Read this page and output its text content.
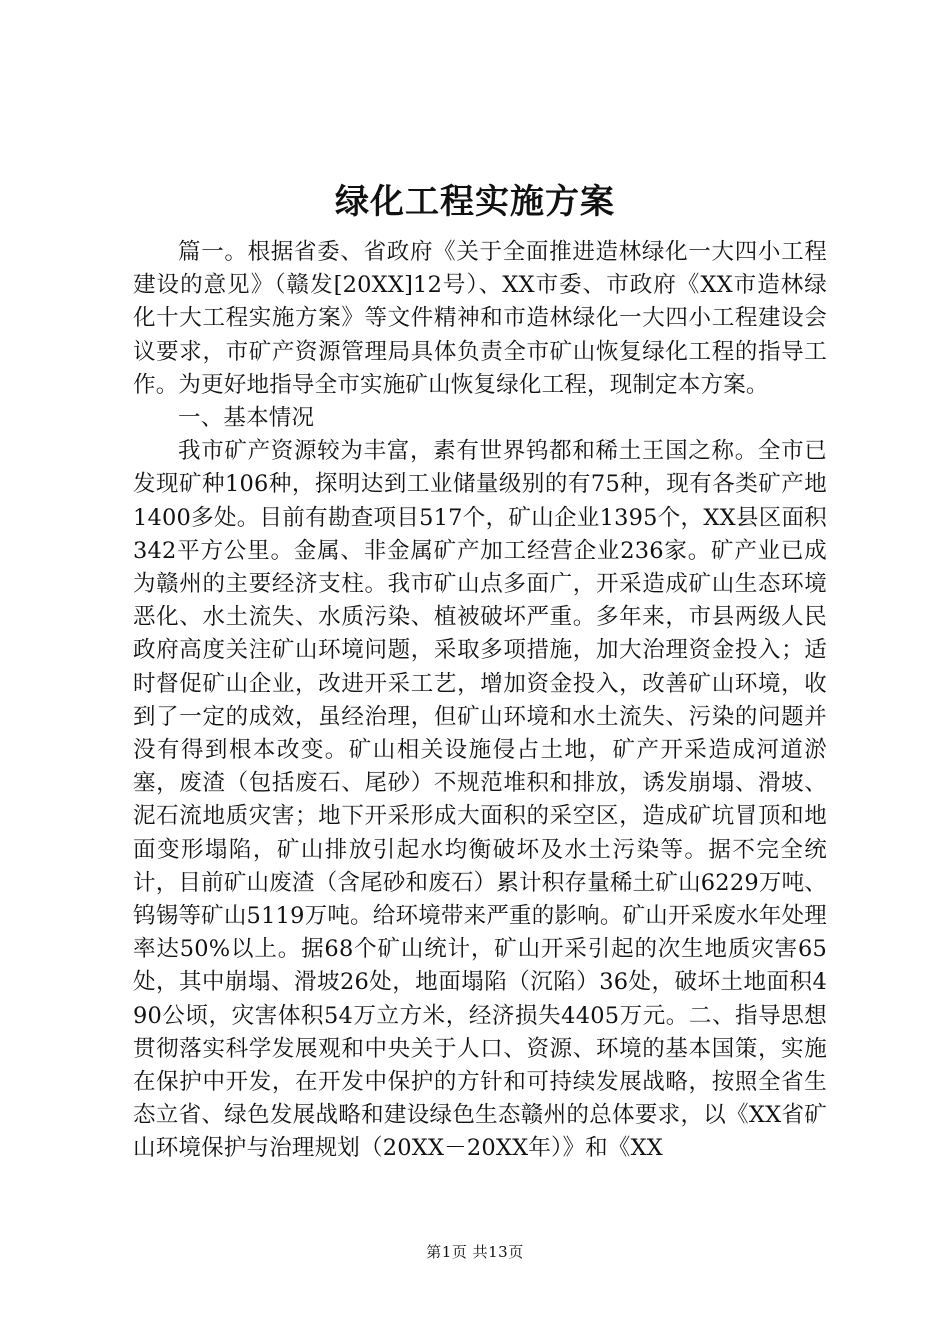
绿化工程实施方案

篇一。根据省委、省政府《关于全面推进造林绿化一大四小工程建设的意见》（赣发[20XX]12号）、XX市委、市政府《XX市造林绿化十大工程实施方案》等文件精神和市造林绿化一大四小工程建设会议要求，市矿产资源管理局具体负责全市矿山恢复绿化工程的指导工作。为更好地指导全市实施矿山恢复绿化工程，现制定本方案。

一、基本情况

我市矿产资源较为丰富，素有世界钨都和稀土王国之称。全市已发现矿种106种，探明达到工业储量级别的有75种，现有各类矿产地1400多处。目前有勘查项目517个，矿山企业1395个，XX县区面积342平方公里。金属、非金属矿产加工经营企业236家。矿产业已成为赣州的主要经济支柱。我市矿山点多面广，开采造成矿山生态环境恶化、水土流失、水质污染、植被破坏严重。多年来，市县两级人民政府高度关注矿山环境问题，采取多项措施，加大治理资金投入；适时督促矿山企业，改进开采工艺，增加资金投入，改善矿山环境，收到了一定的成效，虽经治理，但矿山环境和水土流失、污染的问题并没有得到根本改变。矿山相关设施侵占土地，矿产开采造成河道淤塞，废渣（包括废石、尾砂）不规范堆积和排放，诱发崩塌、滑坡、泥石流地质灾害；地下开采形成大面积的采空区，造成矿坑冒顶和地面变形塌陷，矿山排放引起水均衡破坏及水土污染等。据不完全统计，目前矿山废渣（含尾砂和废石）累计积存量稀土矿山6229万吨、钨锡等矿山5119万吨。给环境带来严重的影响。矿山开采废水年处理率达50%以上。据68个矿山统计，矿山开采引起的次生地质灾害65处，其中崩塌、滑坡26处，地面塌陷（沉陷）36处，破坏土地面积490公顷，灾害体积54万立方米，经济损失4405万元。二、指导思想贯彻落实科学发展观和中央关于人口、资源、环境的基本国策，实施在保护中开发，在开发中保护的方针和可持续发展战略，按照全省生态立省、绿色发展战略和建设绿色生态赣州的总体要求，以《XX省矿山环境保护与治理规划（20XX－20XX年）》和《XX

第1页 共13页
